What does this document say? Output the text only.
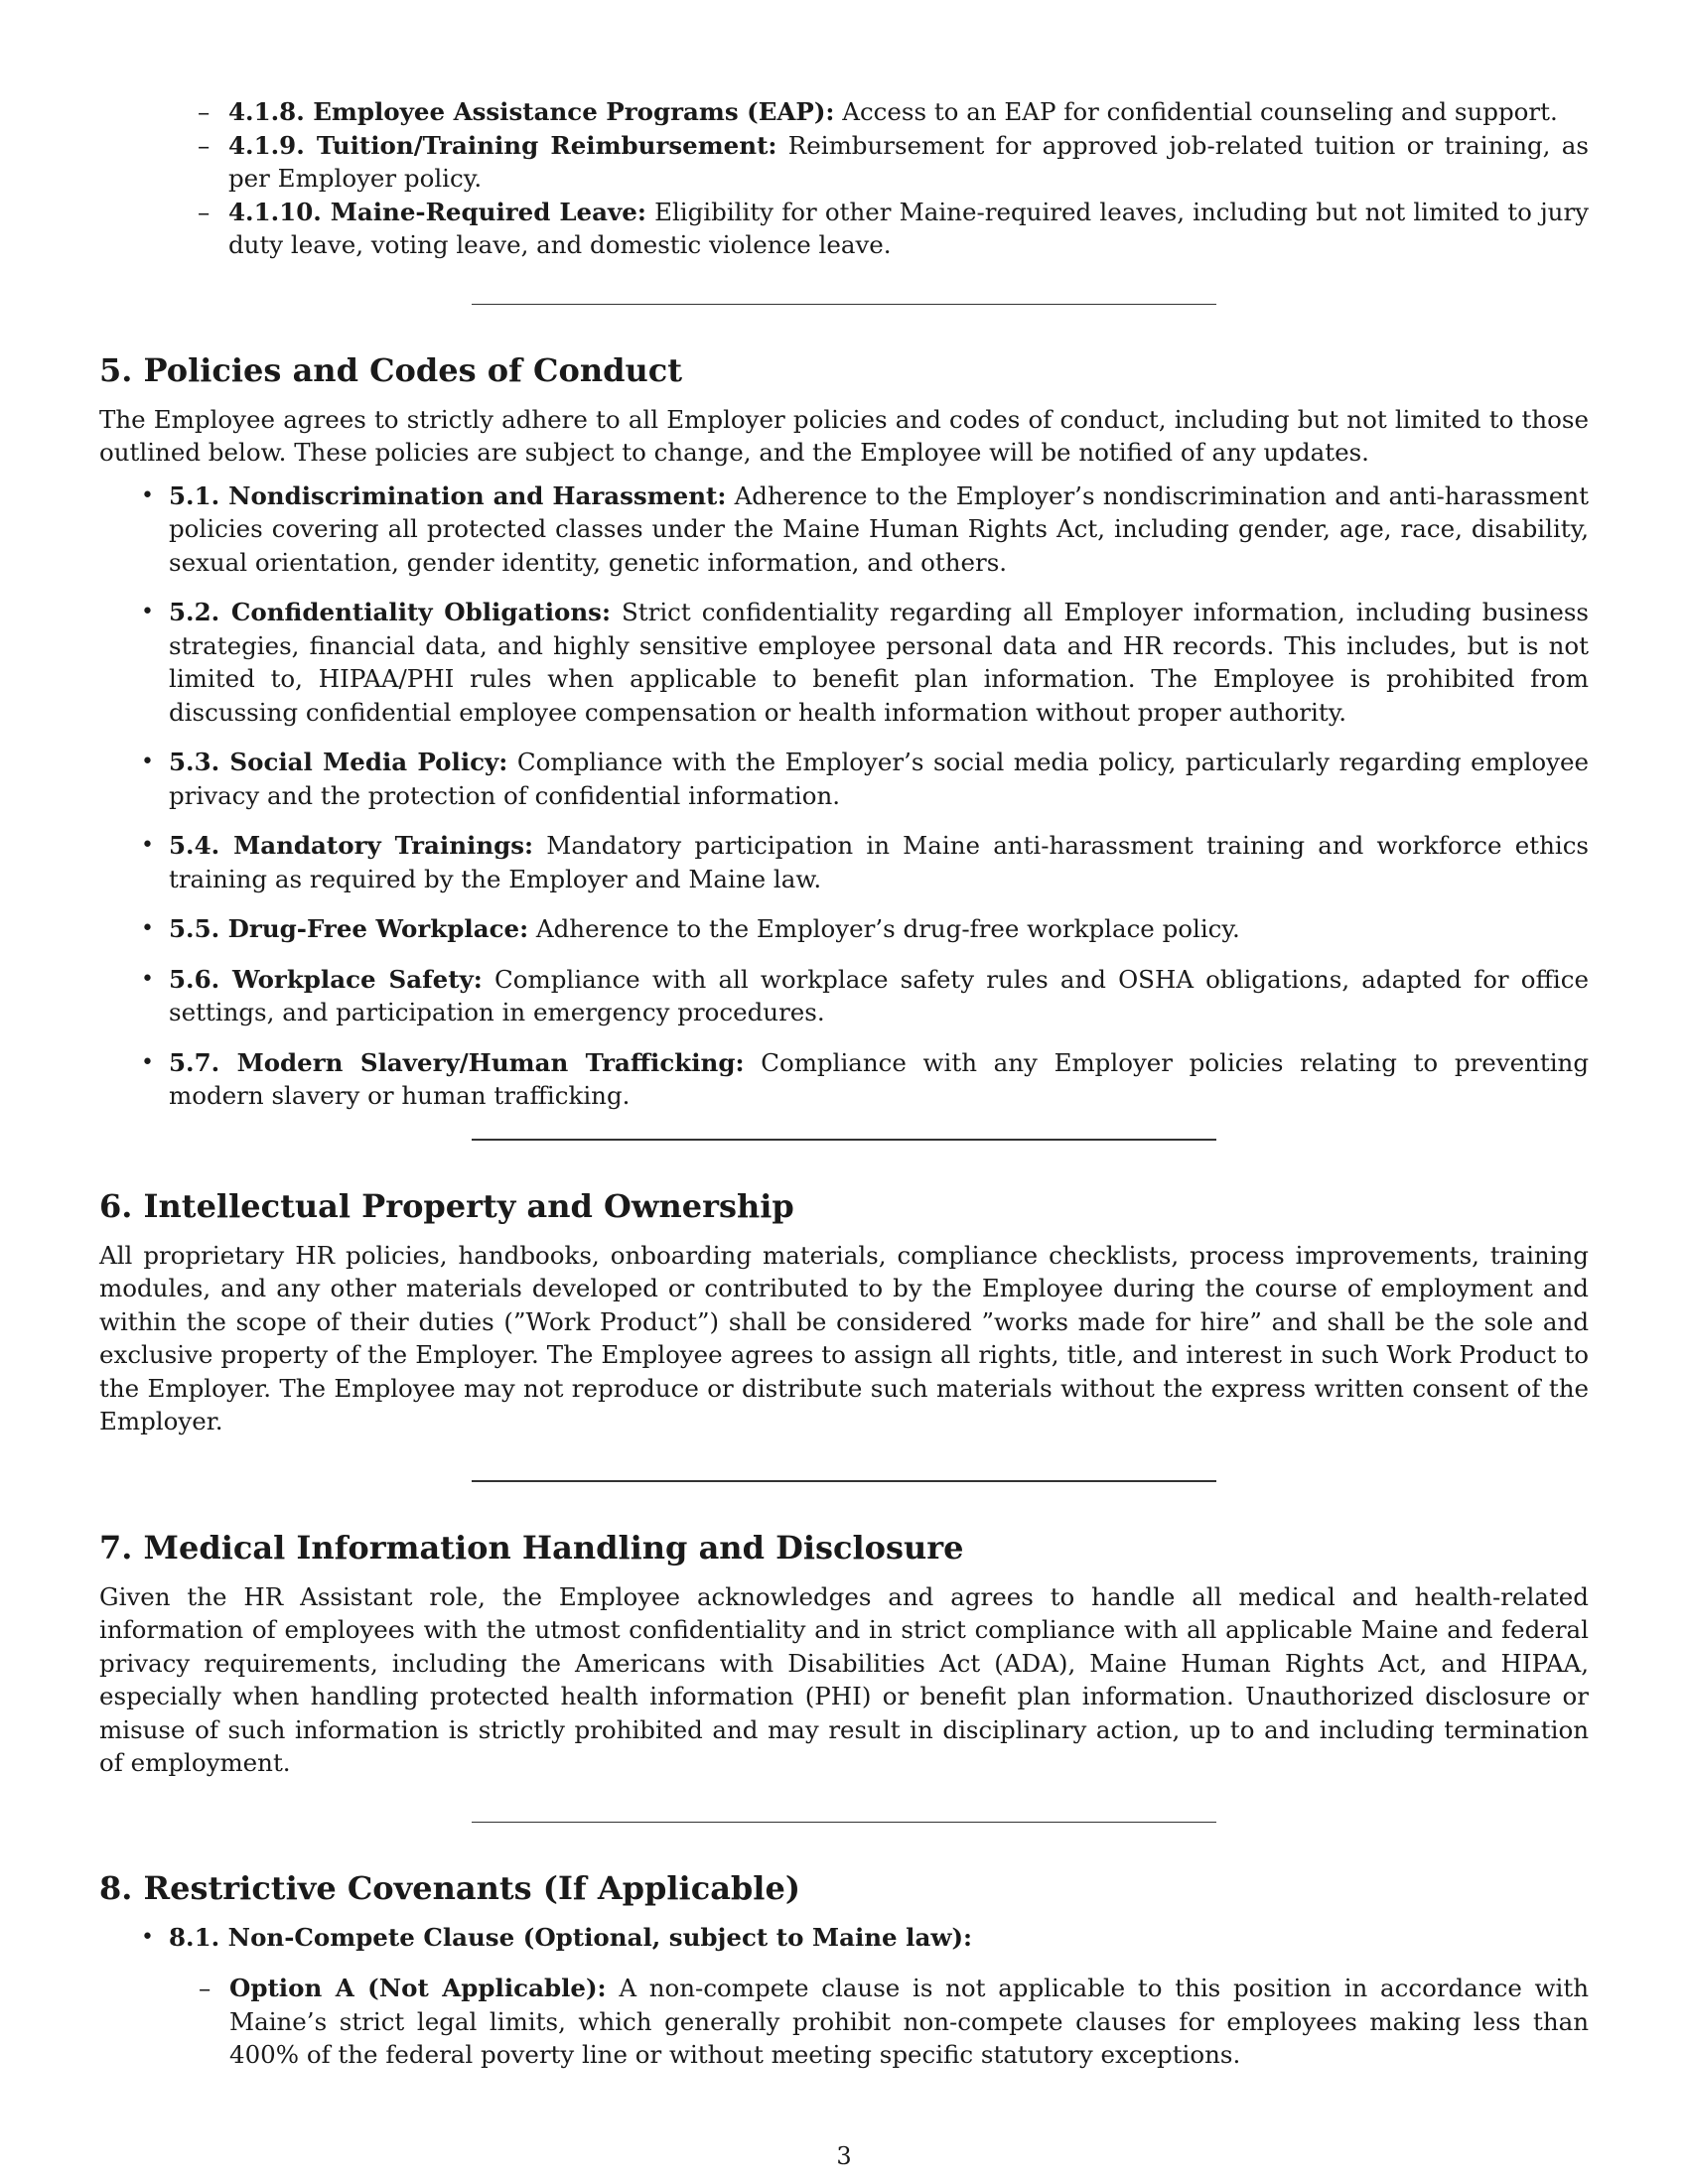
– 4.1.8. Employee Assistance Programs (EAP): Access to an EAP for confidential counseling and support.
– 4.1.9. Tuition/Training Reimbursement: Reimbursement for approved job-related tuition or training, as per Employer policy.
– 4.1.10. Maine-Required Leave: Eligibility for other Maine-required leaves, including but not limited to jury duty leave, voting leave, and domestic violence leave.
5. Policies and Codes of Conduct

The Employee agrees to strictly adhere to all Employer policies and codes of conduct, including but not limited to those outlined below. These policies are subject to change, and the Employee will be notified of any updates.

• 5.1. Nondiscrimination and Harassment: Adherence to the Employer’s nondiscrimination and anti-harassment policies covering all protected classes under the Maine Human Rights Act, including gender, age, race, disability, sexual orientation, gender identity, genetic information, and others.
• 5.2. Confidentiality Obligations: Strict confidentiality regarding all Employer information, including business strategies, financial data, and highly sensitive employee personal data and HR records. This includes, but is not limited to, HIPAA/PHI rules when applicable to benefit plan information. The Employee is prohibited from discussing confidential employee compensation or health information without proper authority.
• 5.3. Social Media Policy: Compliance with the Employer’s social media policy, particularly regarding employee privacy and the protection of confidential information.
• 5.4. Mandatory Trainings: Mandatory participation in Maine anti-harassment training and workforce ethics training as required by the Employer and Maine law.
• 5.5. Drug-Free Workplace: Adherence to the Employer’s drug-free workplace policy.
• 5.6. Workplace Safety: Compliance with all workplace safety rules and OSHA obligations, adapted for office settings, and participation in emergency procedures.
• 5.7. Modern Slavery/Human Trafficking: Compliance with any Employer policies relating to preventing modern slavery or human trafficking.
6. Intellectual Property and Ownership

All proprietary HR policies, handbooks, onboarding materials, compliance checklists, process improvements, training modules, and any other materials developed or contributed to by the Employee during the course of employment and within the scope of their duties (”Work Product”) shall be considered ”works made for hire” and shall be the sole and exclusive property of the Employer. The Employee agrees to assign all rights, title, and interest in such Work Product to the Employer. The Employee may not reproduce or distribute such materials without the express written consent of the Employer.

7. Medical Information Handling and Disclosure

Given the HR Assistant role, the Employee acknowledges and agrees to handle all medical and health-related information of employees with the utmost confidentiality and in strict compliance with all applicable Maine and federal privacy requirements, including the Americans with Disabilities Act (ADA), Maine Human Rights Act, and HIPAA, especially when handling protected health information (PHI) or benefit plan information. Unauthorized disclosure or misuse of such information is strictly prohibited and may result in disciplinary action, up to and including termination of employment.

8. Restrictive Covenants (If Applicable)
• 8.1. Non-Compete Clause (Optional, subject to Maine law):
– Option A (Not Applicable): A non-compete clause is not applicable to this position in accordance with Maine’s strict legal limits, which generally prohibit non-compete clauses for employees making less than 400% of the federal poverty line or without meeting specific statutory exceptions.
3
